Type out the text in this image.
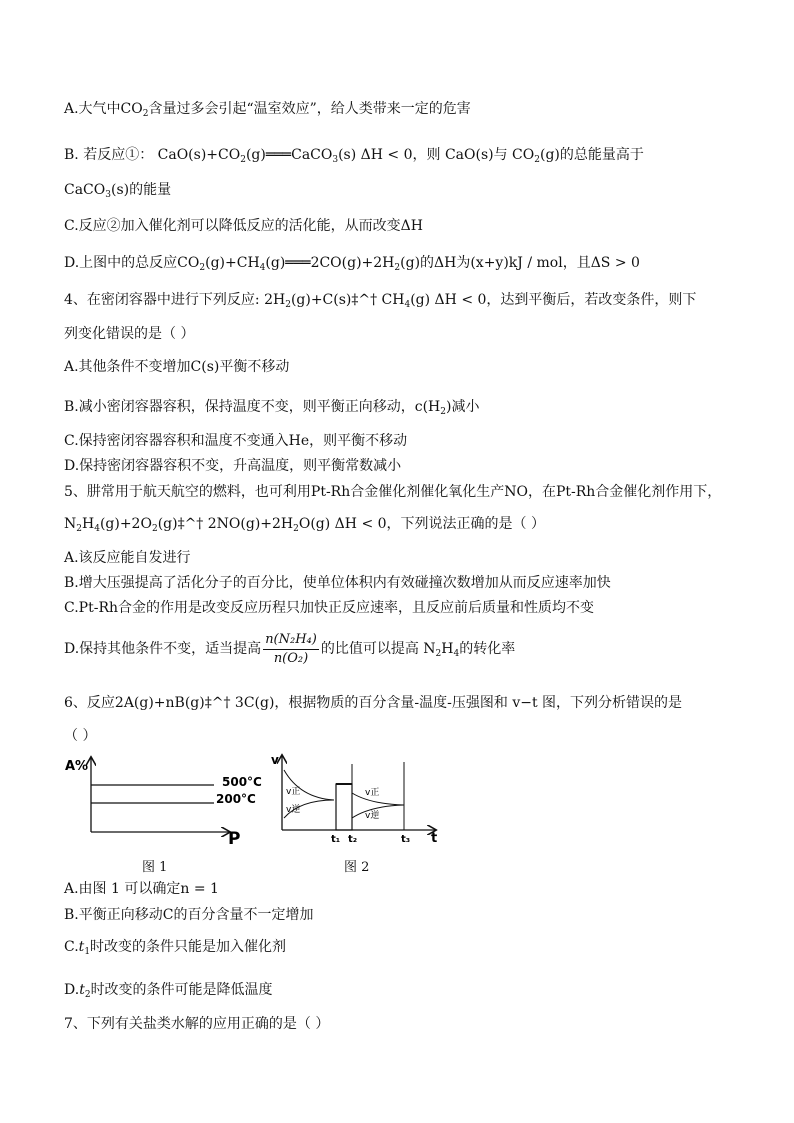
A.大气中$CO_2$含量过多会引起“温室效应”，给人类带来一定的危害
B. 若反应①： $CaO(s)+CO_2(g)═══CaCO_3(s) \Delta H < 0$，则 CaO(s)与 $CO_2(g)$的总能量高于
CaCO$_3$(s)的能量
C.反应②加入催化剂可以降低反应的活化能，从而改变ΔH
D.上图中的总反应$CO_2(g)+CH_4(g)═══2CO(g)+2H_2(g)$的ΔH为(x+y)kJ / mol，且ΔS > 0
4、在密闭容器中进行下列反应: $2H_2(g)+C(s)\ddagger\^{}\dagger$ $CH_4(g) \Delta H < 0$，达到平衡后，若改变条件，则下
列变化错误的是（ ）
A.其他条件不变增加C(s)平衡不移动
B.减小密闭容器容积，保持温度不变，则平衡正向移动，$c(H_2)$减小
C.保持密闭容器容积和温度不变通入He，则平衡不移动
D.保持密闭容器容积不变，升高温度，则平衡常数减小
5、肼常用于航天航空的燃料，也可利用Pt-Rh合金催化剂催化氧化生产NO，在Pt-Rh合金催化剂作用下，
$N_2H_4(g)+2O_2(g)\ddagger\^{}\dagger$ $2NO(g)+2H_2O(g) \Delta H < 0$，下列说法正确的是（ ）
A.该反应能自发进行
B.增大压强提高了活化分子的百分比，使单位体积内有效碰撞次数增加从而反应速率加快
C.Pt-Rh合金的作用是改变反应历程只加快正反应速率，且反应前后质量和性质均不变
D.保持其他条件不变，适当提高 $\frac{\text{n(N₂H₄)}}{\text{n(O₂)}}$ 的比值可以提高 $N_2H_4$的转化率
6、反应2A(g)+nB(g)‡^† 3C(g)，根据物质的百分含量-温度-压强图和 v−t 图，下列分析错误的是
（ ）
A%
P
500°C
200°C
图 1
v
t
v正
v逆
v正
v逆
t₁ t₂	t₃
图 2
A.由图 1 可以确定n = 1
B.平衡正向移动C的百分含量不一定增加
$C.t_1$时改变的条件只能是加入催化剂
$D.t_2$时改变的条件可能是降低温度
7、下列有关盐类水解的应用正确的是（ ）
